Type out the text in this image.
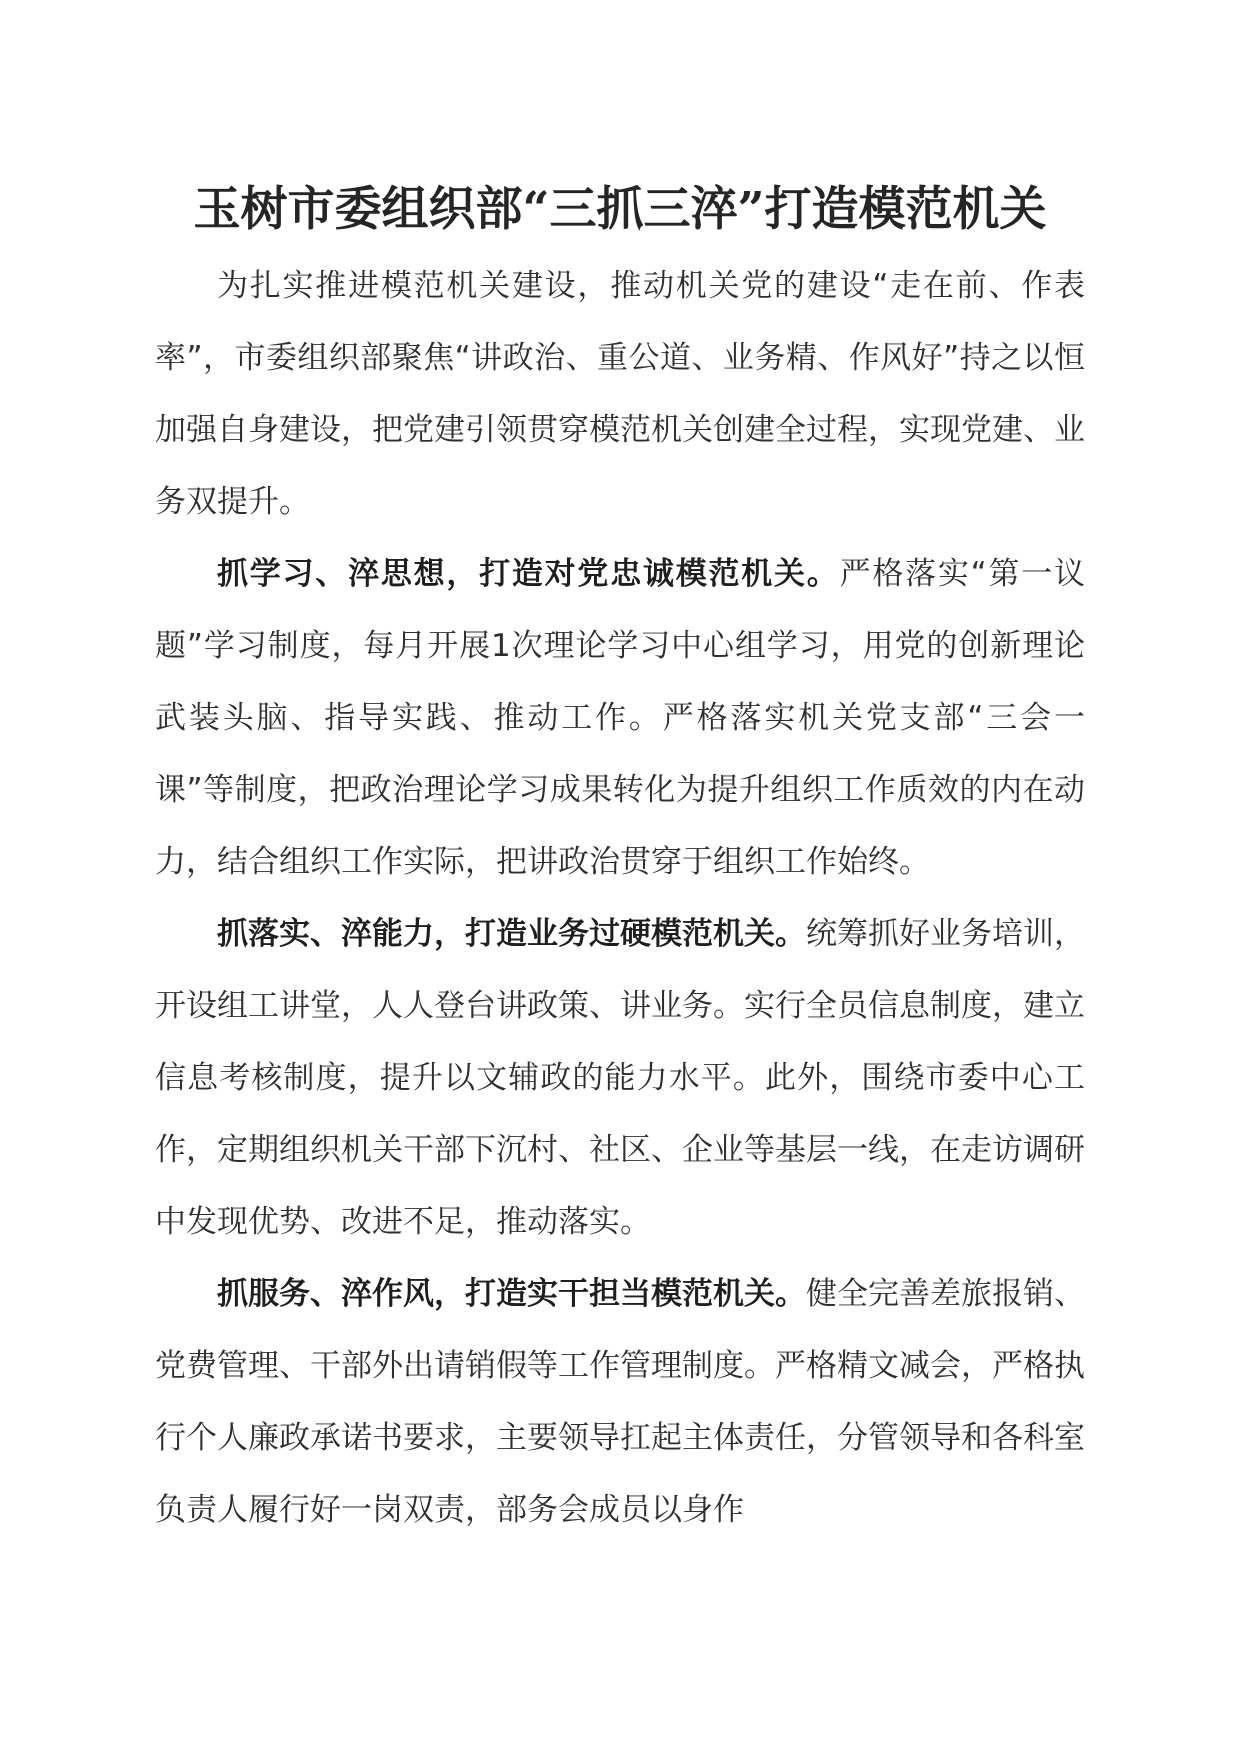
玉树市委组织部“三抓三淬”打造模范机关

为扎实推进模范机关建设，推动机关党的建设“走在前、作表率”，市委组织部聚焦“讲政治、重公道、业务精、作风好”持之以恒加强自身建设，把党建引领贯穿模范机关创建全过程，实现党建、业务双提升。

抓学习、淬思想，打造对党忠诚模范机关。严格落实“第一议题”学习制度，每月开展1次理论学习中心组学习，用党的创新理论武装头脑、指导实践、推动工作。严格落实机关党支部“三会一课”等制度，把政治理论学习成果转化为提升组织工作质效的内在动力，结合组织工作实际，把讲政治贯穿于组织工作始终。

抓落实、淬能力，打造业务过硬模范机关。统筹抓好业务培训，开设组工讲堂，人人登台讲政策、讲业务。实行全员信息制度，建立信息考核制度，提升以文辅政的能力水平。此外，围绕市委中心工作，定期组织机关干部下沉村、社区、企业等基层一线，在走访调研中发现优势、改进不足，推动落实。

抓服务、淬作风，打造实干担当模范机关。健全完善差旅报销、党费管理、干部外出请销假等工作管理制度。严格精文减会，严格执行个人廉政承诺书要求，主要领导扛起主体责任，分管领导和各科室负责人履行好一岗双责，部务会成员以身作
